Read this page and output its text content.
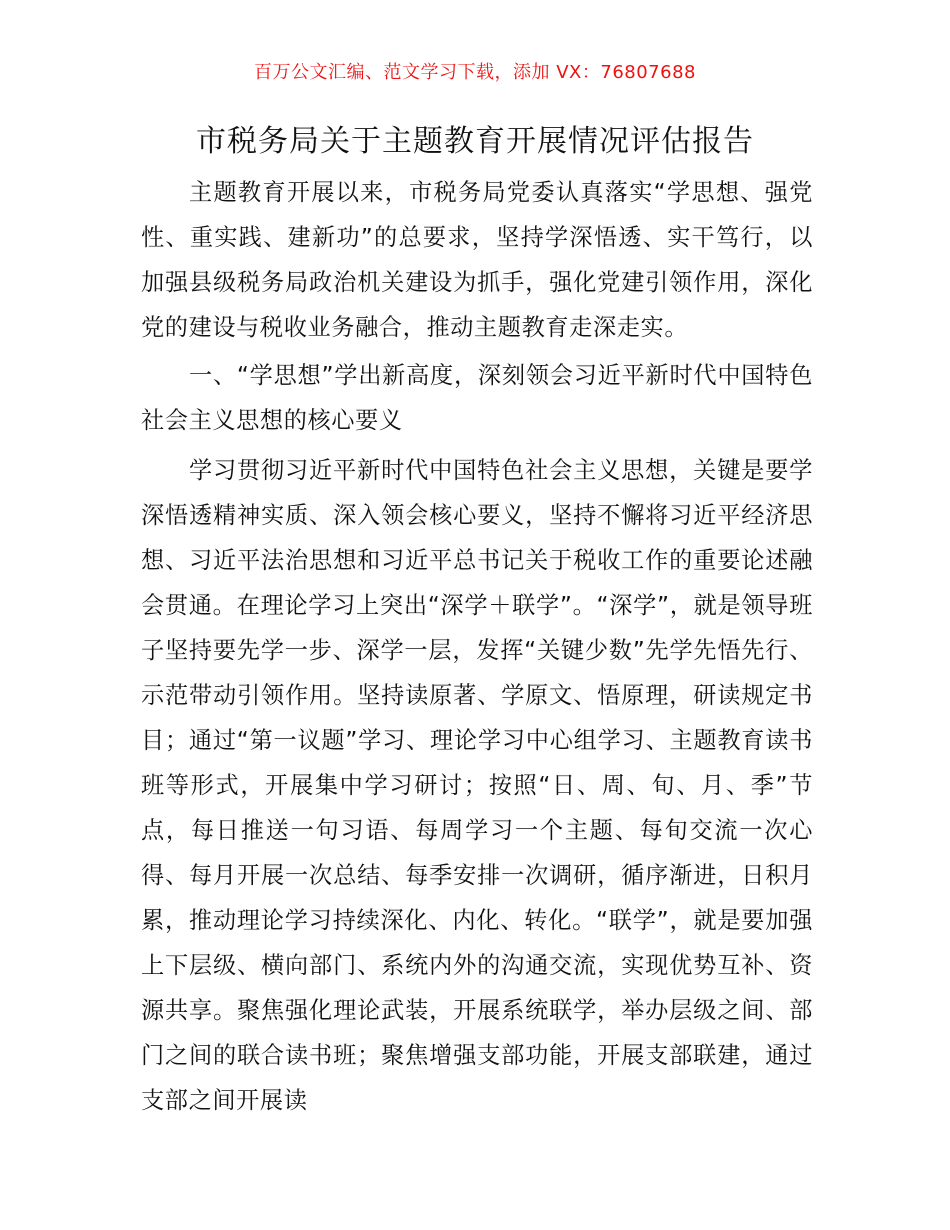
百万公文汇编、范文学习下载，添加 VX：76807688
市税务局关于主题教育开展情况评估报告

主题教育开展以来，市税务局党委认真落实“学思想、强党性、重实践、建新功”的总要求，坚持学深悟透、实干笃行，以加强县级税务局政治机关建设为抓手，强化党建引领作用，深化党的建设与税收业务融合，推动主题教育走深走实。

一、“学思想”学出新高度，深刻领会习近平新时代中国特色社会主义思想的核心要义

学习贯彻习近平新时代中国特色社会主义思想，关键是要学深悟透精神实质、深入领会核心要义，坚持不懈将习近平经济思想、习近平法治思想和习近平总书记关于税收工作的重要论述融会贯通。在理论学习上突出“深学＋联学”。“深学”，就是领导班子坚持要先学一步、深学一层，发挥“关键少数”先学先悟先行、示范带动引领作用。坚持读原著、学原文、悟原理，研读规定书目；通过“第一议题”学习、理论学习中心组学习、主题教育读书班等形式，开展集中学习研讨；按照“日、周、旬、月、季”节点，每日推送一句习语、每周学习一个主题、每旬交流一次心得、每月开展一次总结、每季安排一次调研，循序渐进，日积月累，推动理论学习持续深化、内化、转化。“联学”，就是要加强上下层级、横向部门、系统内外的沟通交流，实现优势互补、资源共享。聚焦强化理论武装，开展系统联学，举办层级之间、部门之间的联合读书班；聚焦增强支部功能，开展支部联建，通过支部之间开展读
